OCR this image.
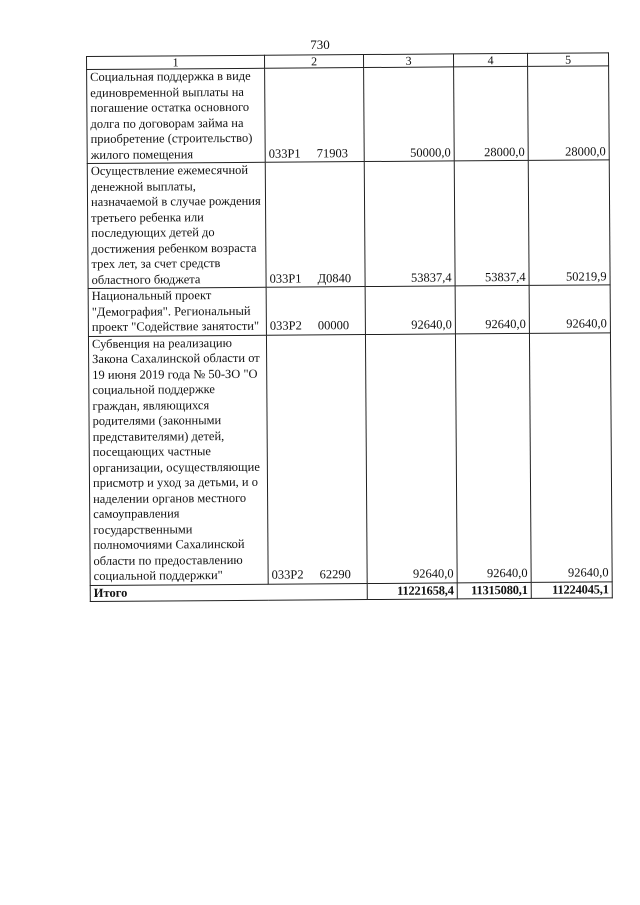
730
1	2	3	4	5
Социальная поддержка в виде единовременной выплаты на погашение остатка основного долга по договорам займа на приобретение (строительство) жилого помещения	033Р1 71903	50000,0	28000,0	28000,0
Осуществление ежемесячной денежной выплаты, назначаемой в случае рождения третьего ребенка или последующих детей до достижения ребенком возраста трех лет, за счет средств областного бюджета	033Р1 Д0840	53837,4	53837,4	50219,9
Национальный проект "Демография". Региональный проект "Содействие занятости"	033Р2 00000	92640,0	92640,0	92640,0
Субвенция на реализацию Закона Сахалинской области от 19 июня 2019 года № 50-ЗО "О социальной поддержке граждан, являющихся родителями (законными представителями) детей, посещающих частные организации, осуществляющие присмотр и уход за детьми, и о наделении органов местного самоуправления государственными полномочиями Сахалинской области по предоставлению социальной поддержки"	033Р2 62290	92640,0	92640,0	92640,0
Итого		11221658,4	11315080,1	11224045,1
